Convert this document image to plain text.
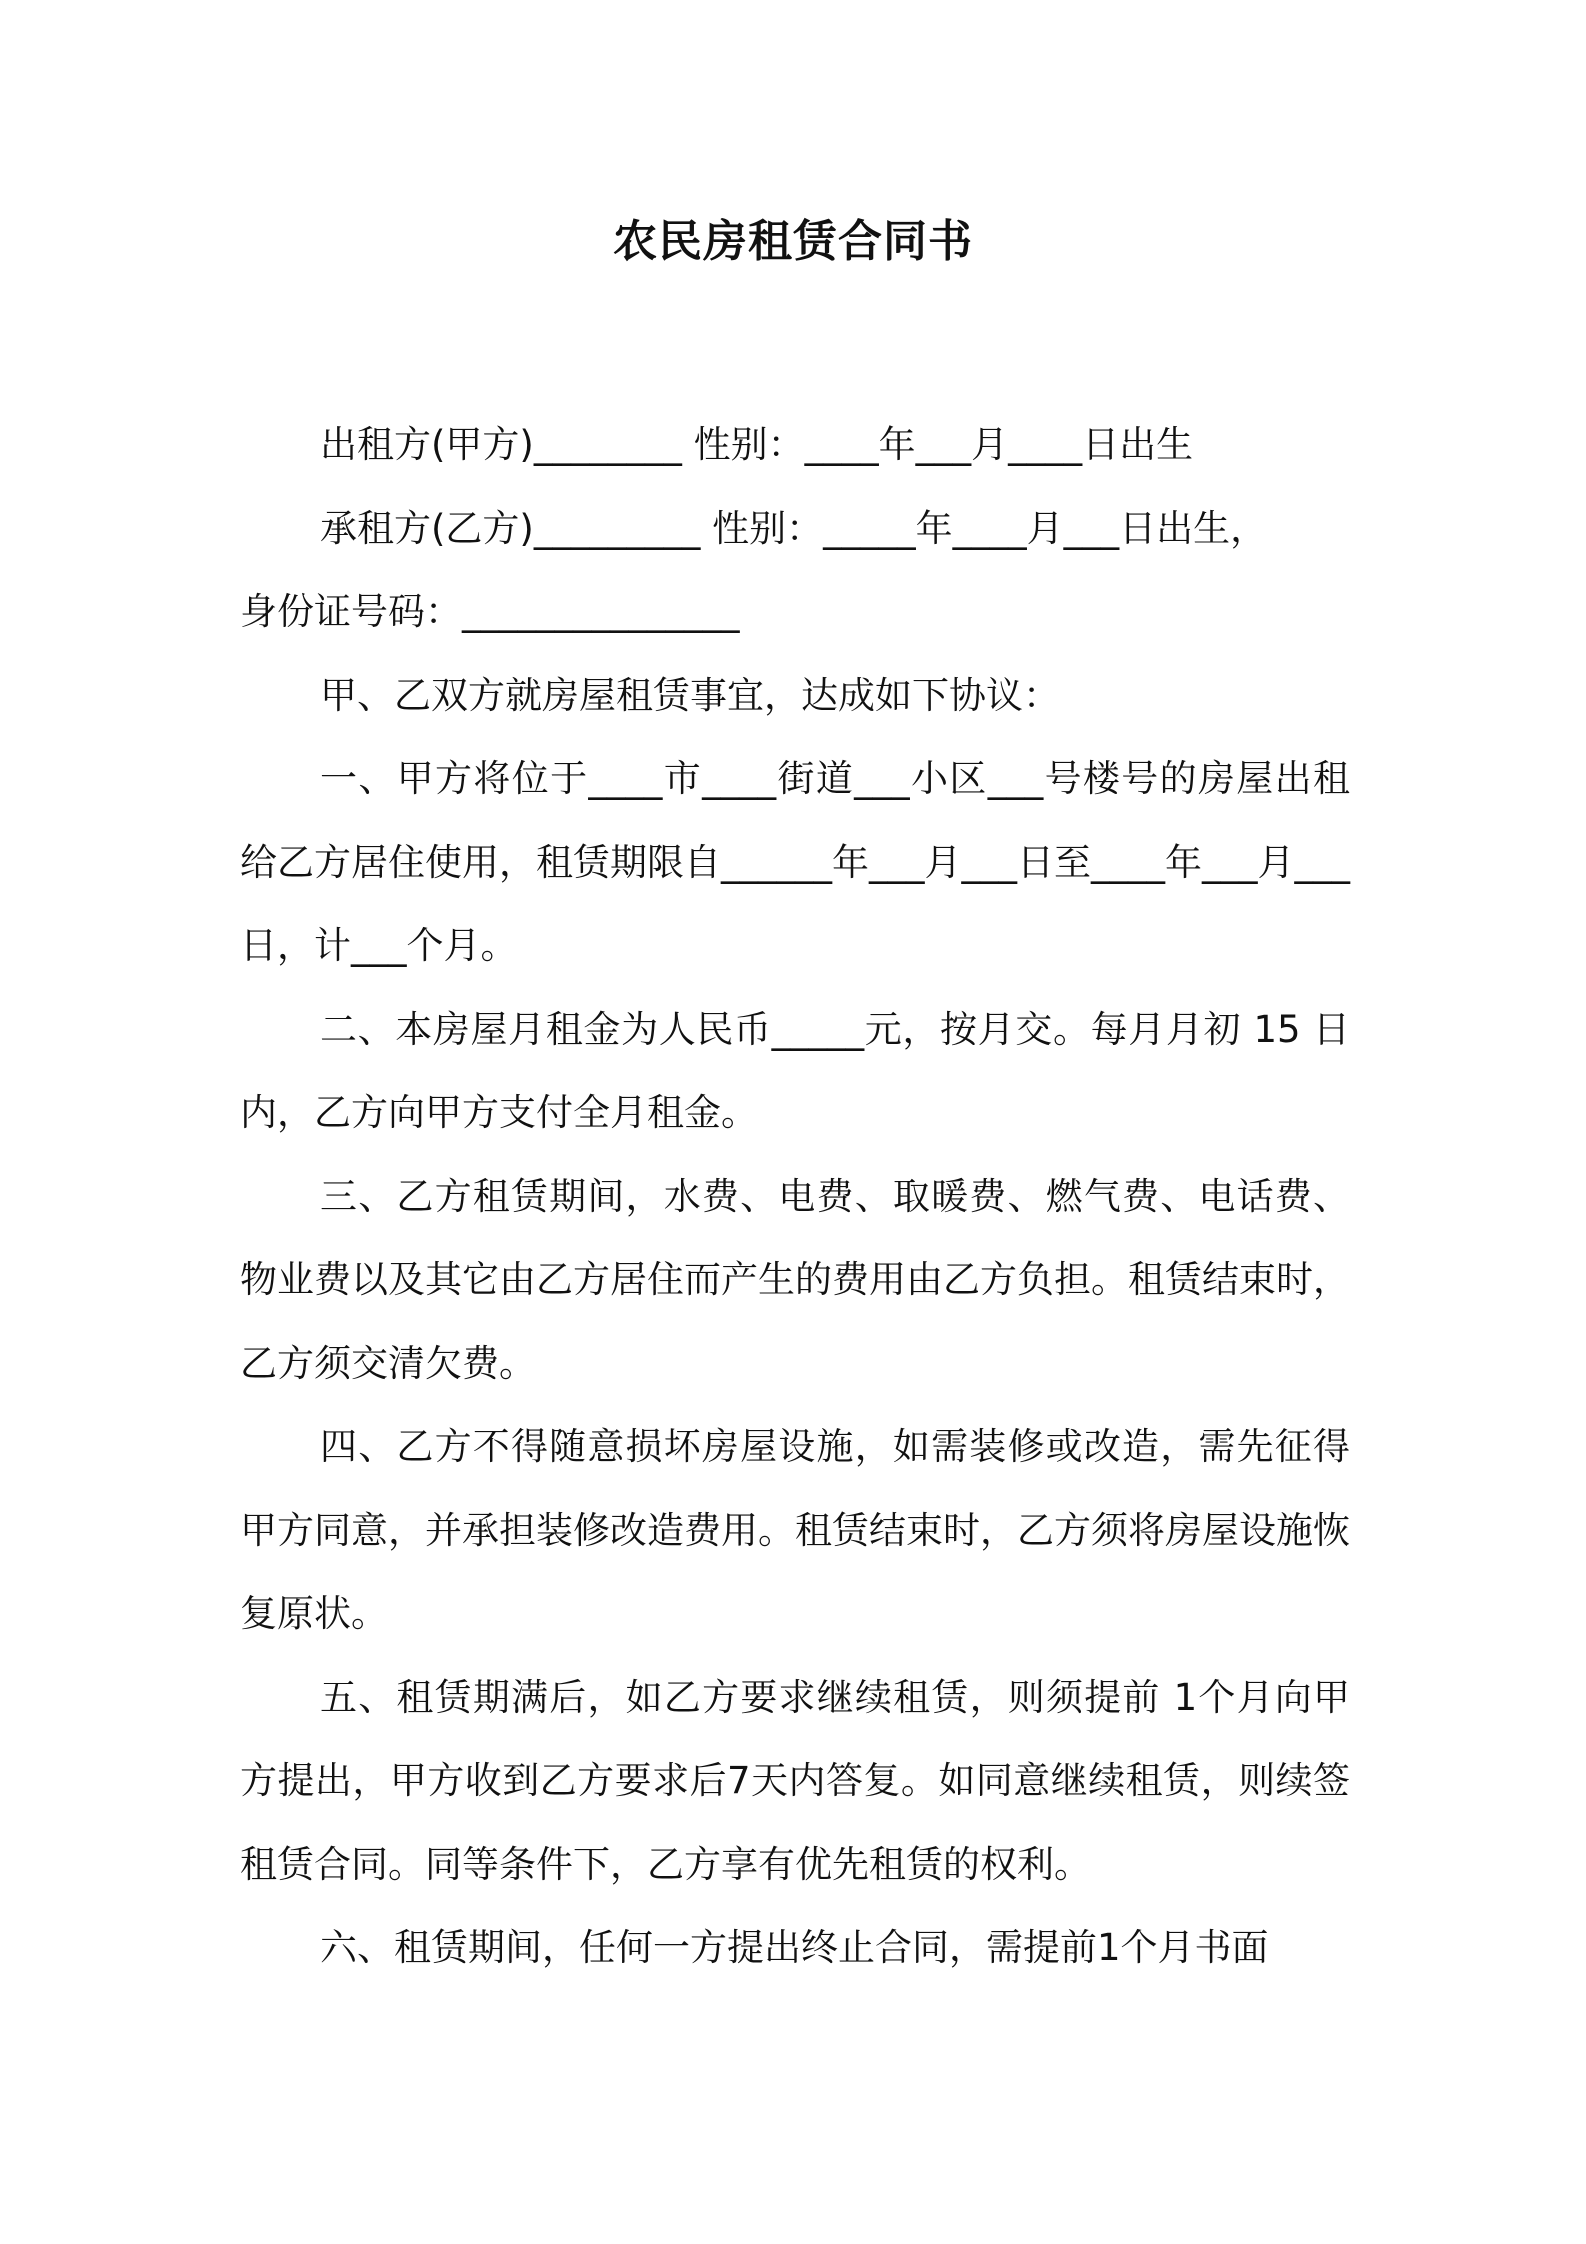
农民房租赁合同书

出租方(甲方)________ 性别：____年___月____日出生

承租方(乙方)_________ 性别：_____年____月___日出生，

身份证号码：_______________

甲、乙双方就房屋租赁事宜，达成如下协议：

一、甲方将位于____市____街道___小区___号楼号的房屋出租给乙方居住使用，租赁期限自______年___月___日至____年___月___日，计___个月。

二、本房屋月租金为人民币_____元，按月交。每月月初 15 日内，乙方向甲方支付全月租金。

三、乙方租赁期间，水费、电费、取暖费、燃气费、电话费、物业费以及其它由乙方居住而产生的费用由乙方负担。租赁结束时，乙方须交清欠费。

四、乙方不得随意损坏房屋设施，如需装修或改造，需先征得甲方同意，并承担装修改造费用。租赁结束时，乙方须将房屋设施恢复原状。

五、租赁期满后，如乙方要求继续租赁，则须提前 1个月向甲方提出，甲方收到乙方要求后7天内答复。如同意继续租赁，则续签租赁合同。同等条件下，乙方享有优先租赁的权利。

六、租赁期间，任何一方提出终止合同，需提前1个月书面
